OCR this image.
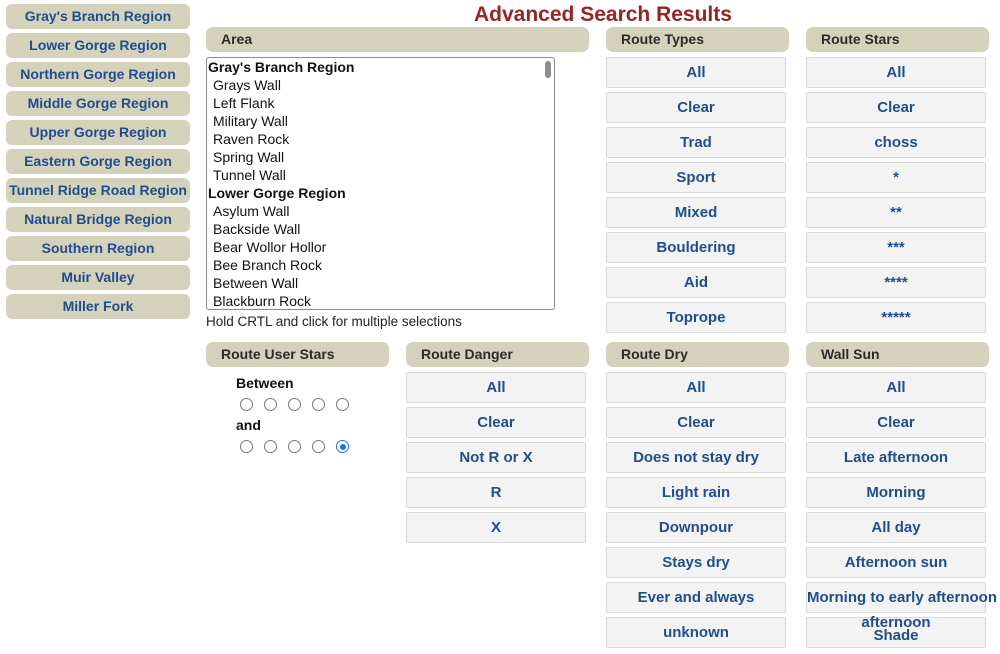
Advanced Search Results
Gray's Branch Region
Lower Gorge Region
Northern Gorge Region
Middle Gorge Region
Upper Gorge Region
Eastern Gorge Region
Tunnel Ridge Road Region
Natural Bridge Region
Southern Region
Muir Valley
Miller Fork
Area
Gray's Branch Region
Grays Wall
Left Flank
Military Wall
Raven Rock
Spring Wall
Tunnel Wall
Lower Gorge Region
Asylum Wall
Backside Wall
Bear Wollor Hollor
Bee Branch Rock
Between Wall
Blackburn Rock
Hold CRTL and click for multiple selections
Route Types
All
Clear
Trad
Sport
Mixed
Bouldering
Aid
Toprope
Route Stars
All
Clear
choss
*
**
***
****
*****
Route User Stars
Between
and
Route Danger
All
Clear
Not R or X
R
X
Route Dry
All
Clear
Does not stay dry
Light rain
Downpour
Stays dry
Ever and always
unknown
Wall Sun
All
Clear
Late afternoon
Morning
All day
Afternoon sun
Morning to early afternoon
Shade
afternoon
